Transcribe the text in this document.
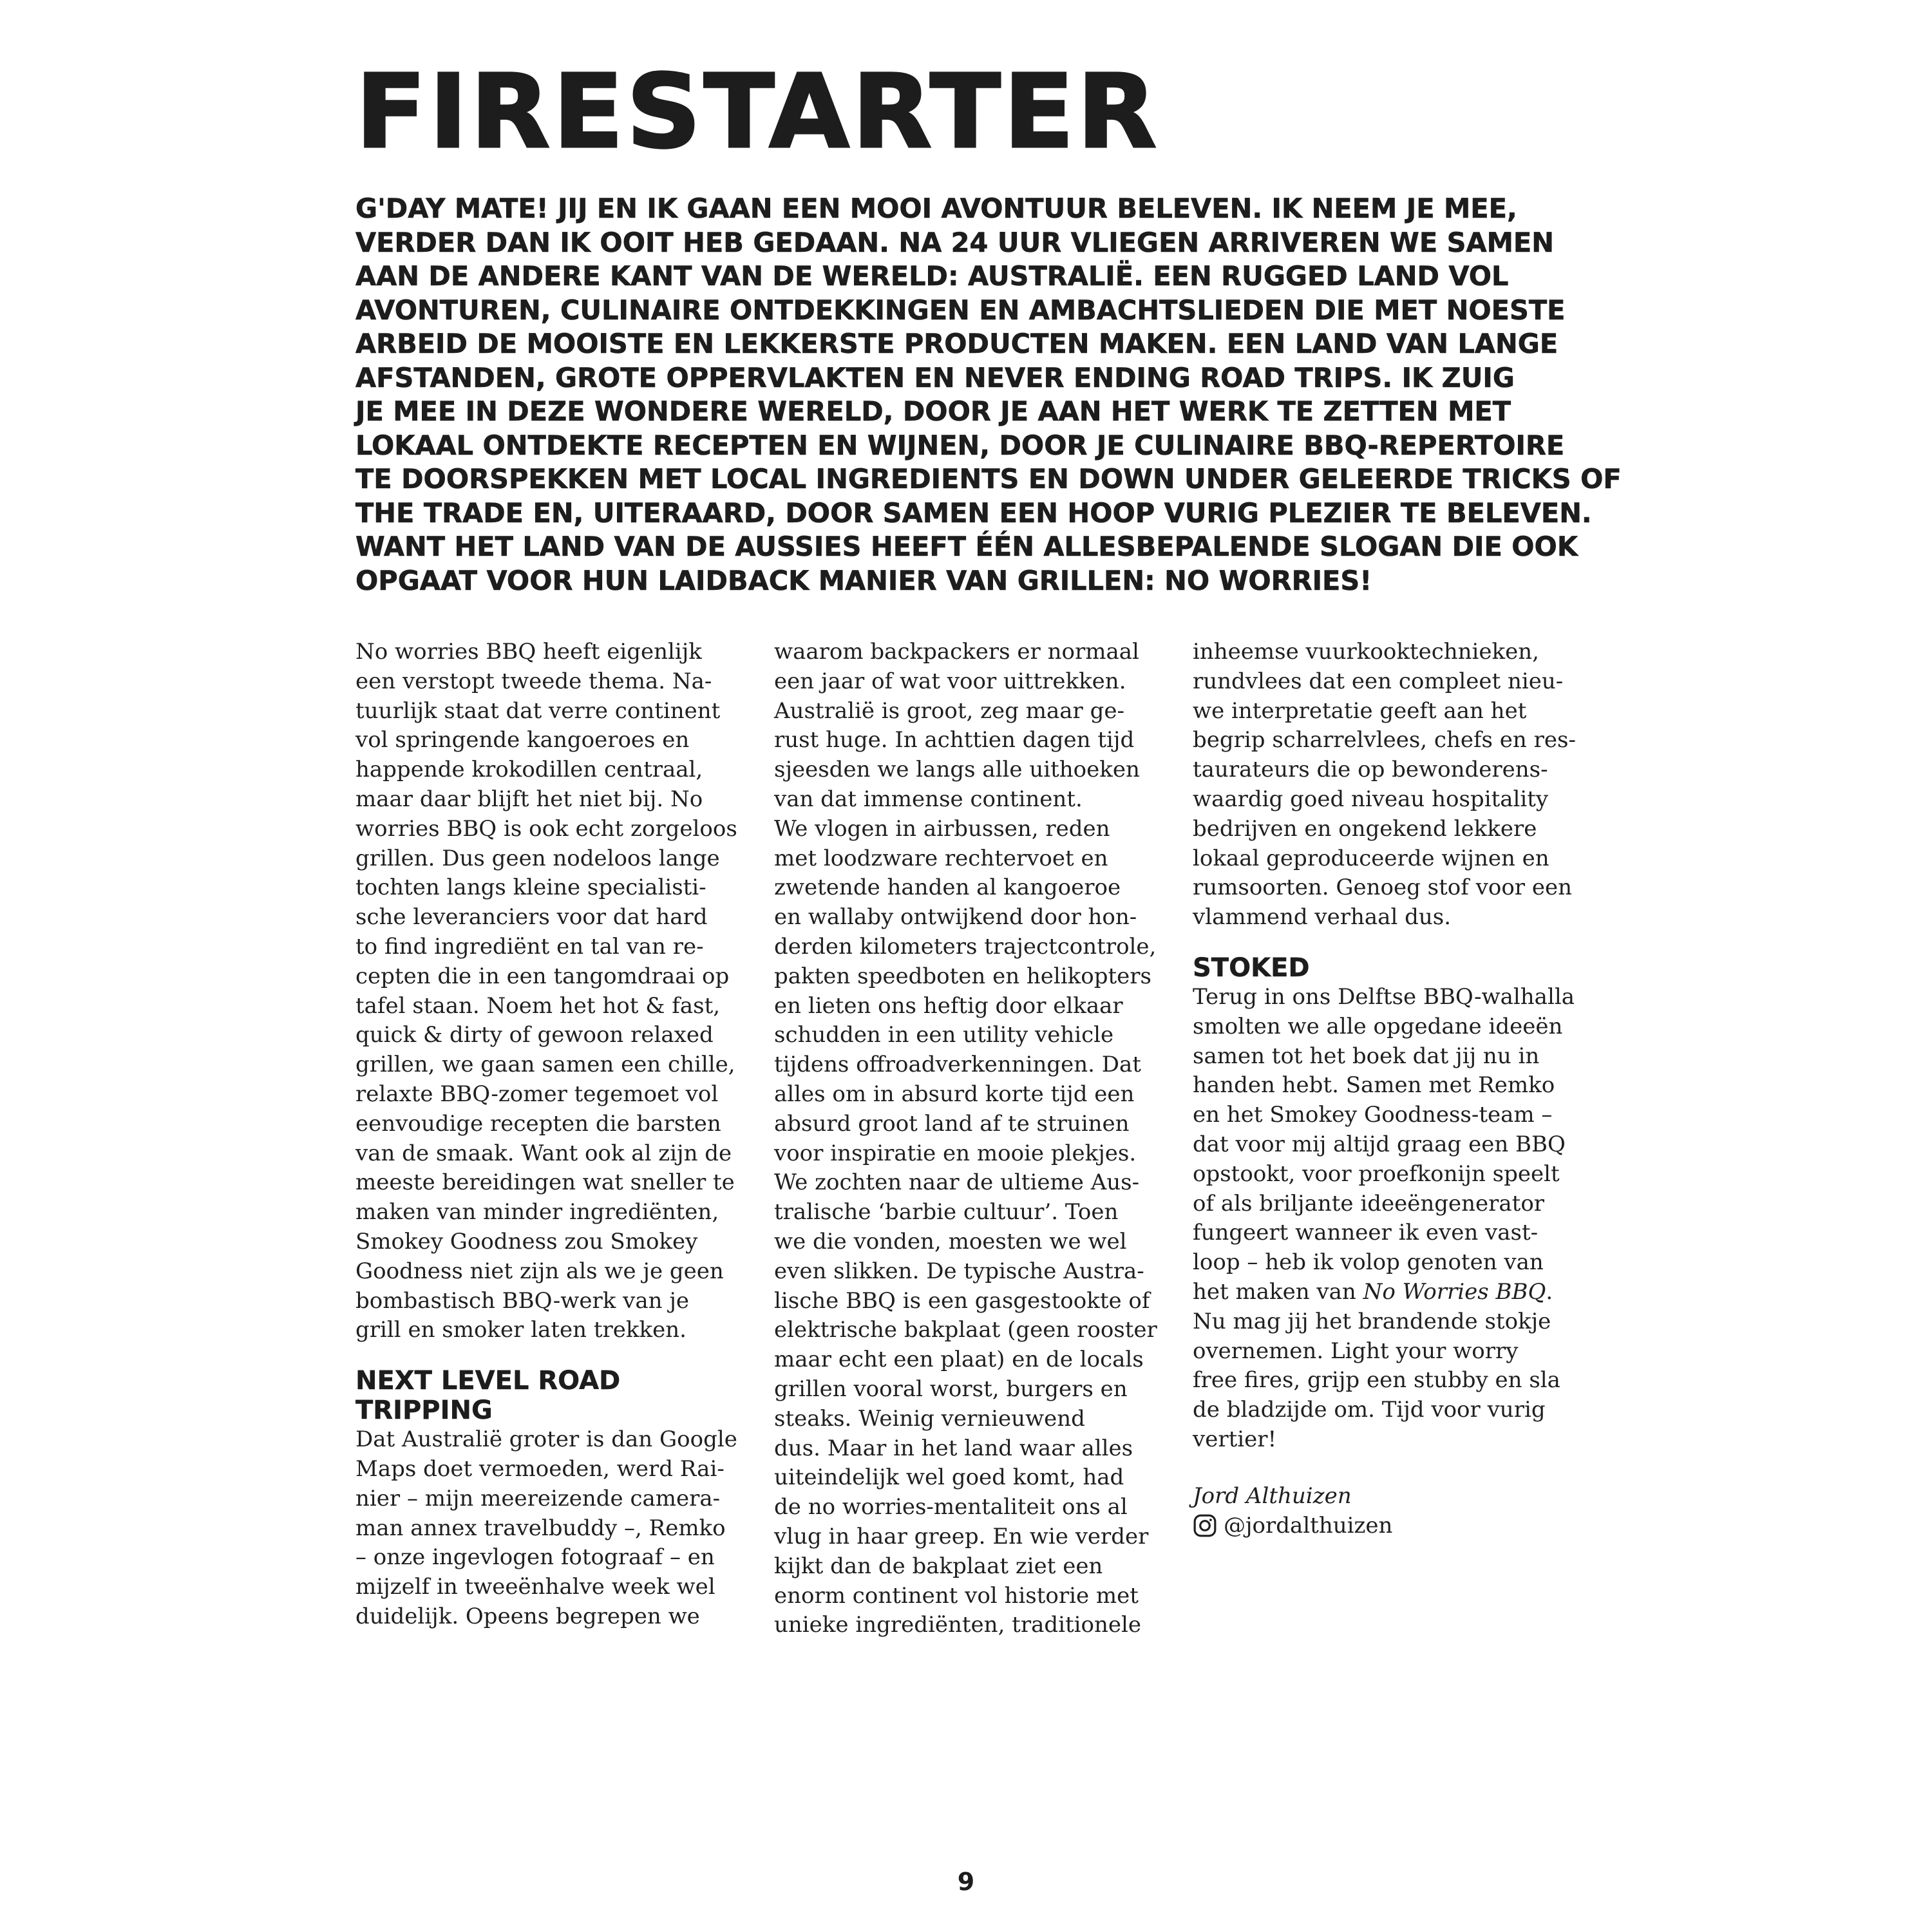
FIRESTARTER

G'DAY MATE! JIJ EN IK GAAN EEN MOOI AVONTUUR BELEVEN. IK NEEM JE MEE,
VERDER DAN IK OOIT HEB GEDAAN. NA 24 UUR VLIEGEN ARRIVEREN WE SAMEN
AAN DE ANDERE KANT VAN DE WERELD: AUSTRALIË. EEN RUGGED LAND VOL
AVONTUREN, CULINAIRE ONTDEKKINGEN EN AMBACHTSLIEDEN DIE MET NOESTE
ARBEID DE MOOISTE EN LEKKERSTE PRODUCTEN MAKEN. EEN LAND VAN LANGE
AFSTANDEN, GROTE OPPERVLAKTEN EN NEVER ENDING ROAD TRIPS. IK ZUIG
JE MEE IN DEZE WONDERE WERELD, DOOR JE AAN HET WERK TE ZETTEN MET
LOKAAL ONTDEKTE RECEPTEN EN WIJNEN, DOOR JE CULINAIRE BBQ-REPERTOIRE
TE DOORSPEKKEN MET LOCAL INGREDIENTS EN DOWN UNDER GELEERDE TRICKS OF
THE TRADE EN, UITERAARD, DOOR SAMEN EEN HOOP VURIG PLEZIER TE BELEVEN.
WANT HET LAND VAN DE AUSSIES HEEFT ÉÉN ALLESBEPALENDE SLOGAN DIE OOK
OPGAAT VOOR HUN LAIDBACK MANIER VAN GRILLEN: NO WORRIES!

No worries BBQ heeft eigenlijk
een verstopt tweede thema. Na-
tuurlijk staat dat verre continent
vol springende kangoeroes en
happende krokodillen centraal,
maar daar blijft het niet bij. No
worries BBQ is ook echt zorgeloos
grillen. Dus geen nodeloos lange
tochten langs kleine specialisti-
sche leveranciers voor dat hard
to find ingrediënt en tal van re-
cepten die in een tangomdraai op
tafel staan. Noem het hot & fast,
quick & dirty of gewoon relaxed
grillen, we gaan samen een chille,
relaxte BBQ-zomer tegemoet vol
eenvoudige recepten die barsten
van de smaak. Want ook al zijn de
meeste bereidingen wat sneller te
maken van minder ingrediënten,
Smokey Goodness zou Smokey
Goodness niet zijn als we je geen
bombastisch BBQ-werk van je
grill en smoker laten trekken.
NEXT LEVEL ROAD
TRIPPING
Dat Australië groter is dan Google
Maps doet vermoeden, werd Rai-
nier – mijn meereizende camera-
man annex travelbuddy –, Remko
– onze ingevlogen fotograaf – en
mijzelf in tweeënhalve week wel
duidelijk. Opeens begrepen we
waarom backpackers er normaal
een jaar of wat voor uittrekken.
Australië is groot, zeg maar ge-
rust huge. In achttien dagen tijd
sjeesden we langs alle uithoeken
van dat immense continent.
We vlogen in airbussen, reden
met loodzware rechtervoet en
zwetende handen al kangoeroe
en wallaby ontwijkend door hon-
derden kilometers trajectcontrole,
pakten speedboten en helikopters
en lieten ons heftig door elkaar
schudden in een utility vehicle
tijdens offroadverkenningen. Dat
alles om in absurd korte tijd een
absurd groot land af te struinen
voor inspiratie en mooie plekjes.
We zochten naar de ultieme Aus-
tralische ‘barbie cultuur’. Toen
we die vonden, moesten we wel
even slikken. De typische Austra-
lische BBQ is een gasgestookte of
elektrische bakplaat (geen rooster
maar echt een plaat) en de locals
grillen vooral worst, burgers en
steaks. Weinig vernieuwend
dus. Maar in het land waar alles
uiteindelijk wel goed komt, had
de no worries-mentaliteit ons al
vlug in haar greep. En wie verder
kijkt dan de bakplaat ziet een
enorm continent vol historie met
unieke ingrediënten, traditionele
inheemse vuurkooktechnieken,
rundvlees dat een compleet nieu-
we interpretatie geeft aan het
begrip scharrelvlees, chefs en res-
taurateurs die op bewonderens-
waardig goed niveau hospitality
bedrijven en ongekend lekkere
lokaal geproduceerde wijnen en
rumsoorten. Genoeg stof voor een
vlammend verhaal dus.
STOKED
Terug in ons Delftse BBQ-walhalla
smolten we alle opgedane ideeën
samen tot het boek dat jij nu in
handen hebt. Samen met Remko
en het Smokey Goodness-team –
dat voor mij altijd graag een BBQ
opstookt, voor proefkonijn speelt
of als briljante ideeëngenerator
fungeert wanneer ik even vast-
loop – heb ik volop genoten van
het maken van No Worries BBQ.
Nu mag jij het brandende stokje
overnemen. Light your worry
free fires, grijp een stubby en sla
de bladzijde om. Tijd voor vurig
vertier!
Jord Althuizen
@jordalthuizen
9
